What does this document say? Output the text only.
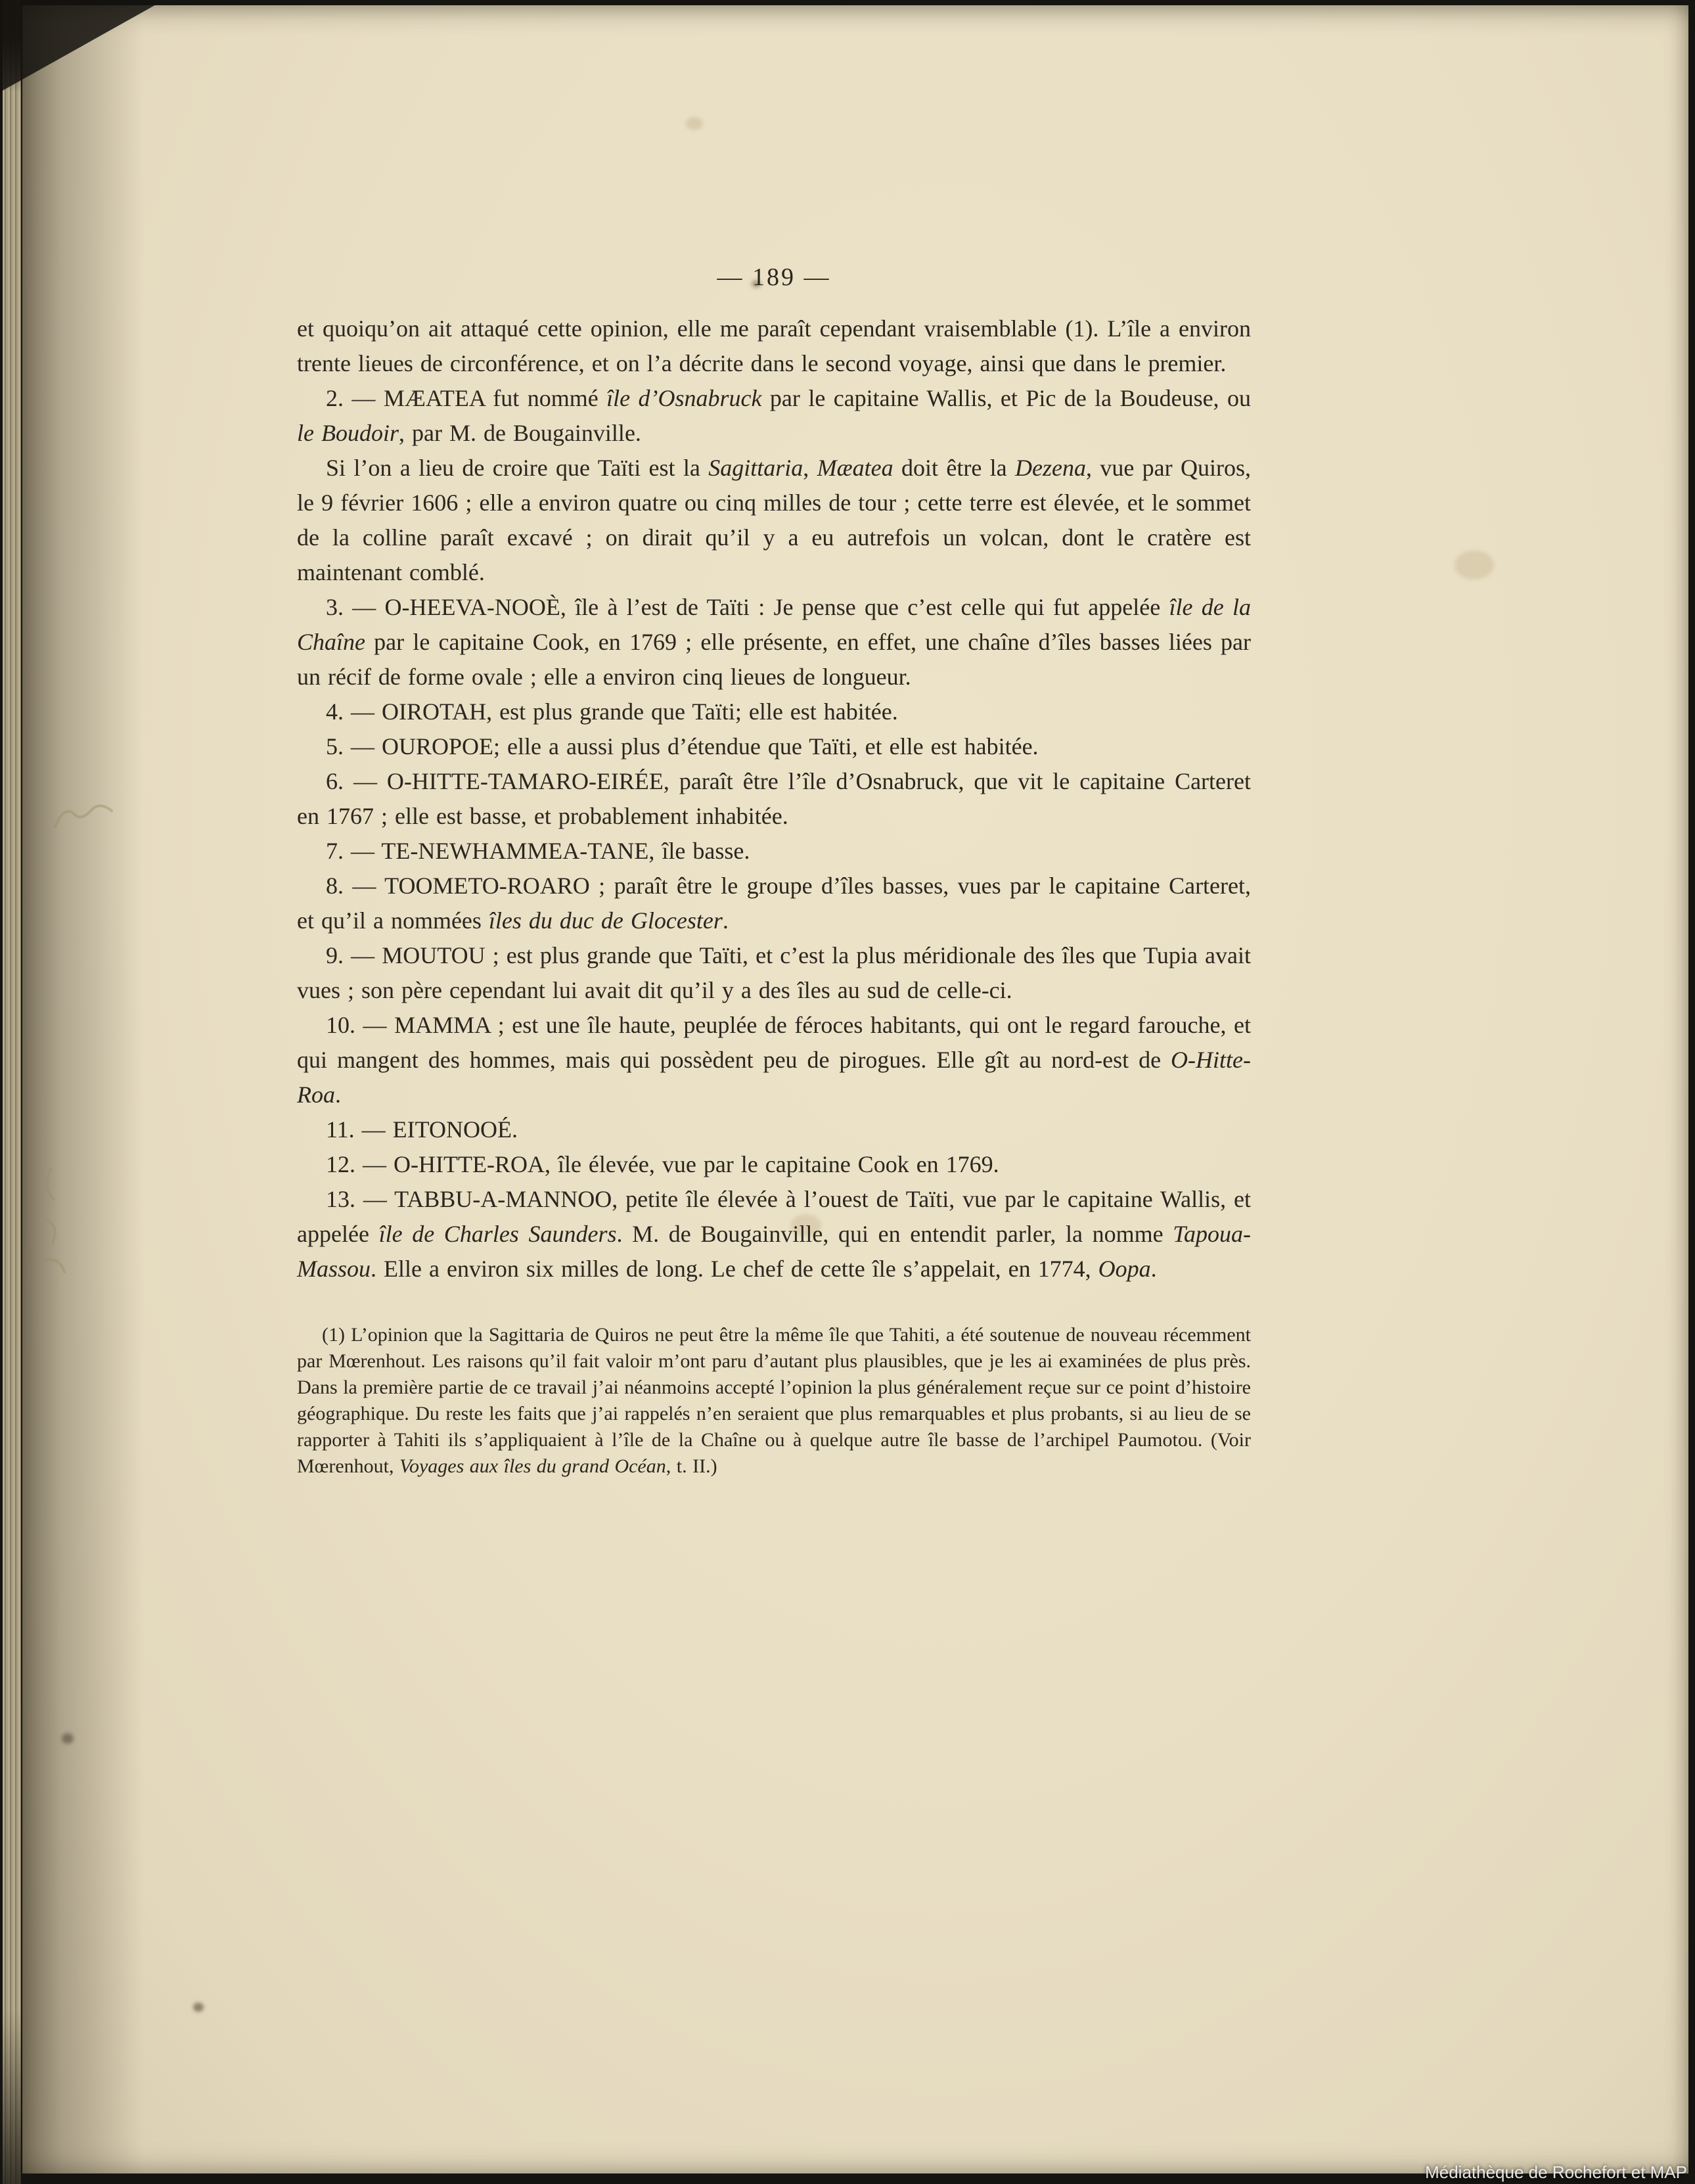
— 189 —

et quoiqu’on ait attaqué cette opinion, elle me paraît cependant vraisemblable (1). L’île a environ trente lieues de circonférence, et on l’a décrite dans le second voyage, ainsi que dans le premier.

2. — MÆATEA fut nommé île d’Osnabruck par le capitaine Wallis, et Pic de la Boudeuse, ou le Boudoir, par M. de Bougainville.

Si l’on a lieu de croire que Taïti est la Sagittaria, Mæatea doit être la Dezena, vue par Quiros, le 9 février 1606 ; elle a environ quatre ou cinq milles de tour ; cette terre est élevée, et le sommet de la colline paraît excavé ; on dirait qu’il y a eu autrefois un volcan, dont le cratère est maintenant comblé.

3. — O-HEEVA-NOOÈ, île à l’est de Taïti : Je pense que c’est celle qui fut appelée île de la Chaîne par le capitaine Cook, en 1769 ; elle présente, en effet, une chaîne d’îles basses liées par un récif de forme ovale ; elle a environ cinq lieues de longueur.

4. — OIROTAH, est plus grande que Taïti; elle est habitée.

5. — OUROPOE; elle a aussi plus d’étendue que Taïti, et elle est habitée.

6. — O-HITTE-TAMARO-EIRÉE, paraît être l’île d’Osnabruck, que vit le capitaine Carteret en 1767 ; elle est basse, et probablement inhabitée.

7. — TE-NEWHAMMEA-TANE, île basse.

8. — TOOMETO-ROARO ; paraît être le groupe d’îles basses, vues par le capitaine Carteret, et qu’il a nommées îles du duc de Glocester.

9. — MOUTOU ; est plus grande que Taïti, et c’est la plus méridionale des îles que Tupia avait vues ; son père cependant lui avait dit qu’il y a des îles au sud de celle-ci.

10. — MAMMA ; est une île haute, peuplée de féroces habitants, qui ont le regard farouche, et qui mangent des hommes, mais qui possèdent peu de pirogues. Elle gît au nord-est de O-Hitte-Roa.

11. — EITONOOÉ.

12. — O-HITTE-ROA, île élevée, vue par le capitaine Cook en 1769.

13. — TABBU-A-MANNOO, petite île élevée à l’ouest de Taïti, vue par le capitaine Wallis, et appelée île de Charles Saunders. M. de Bougainville, qui en entendit parler, la nomme Tapoua-Massou. Elle a environ six milles de long. Le chef de cette île s’appelait, en 1774, Oopa.

(1) L’opinion que la Sagittaria de Quiros ne peut être la même île que Tahiti, a été soutenue de nouveau récemment par Mœrenhout. Les raisons qu’il fait valoir m’ont paru d’autant plus plausibles, que je les ai examinées de plus près. Dans la première partie de ce travail j’ai néanmoins accepté l’opinion la plus généralement reçue sur ce point d’histoire géographique. Du reste les faits que j’ai rappelés n’en seraient que plus remarquables et plus probants, si au lieu de se rapporter à Tahiti ils s’appliquaient à l’île de la Chaîne ou à quelque autre île basse de l’archipel Paumotou. (Voir Mœrenhout, Voyages aux îles du grand Océan, t. II.)

Médiathèque de Rochefort et MAP
